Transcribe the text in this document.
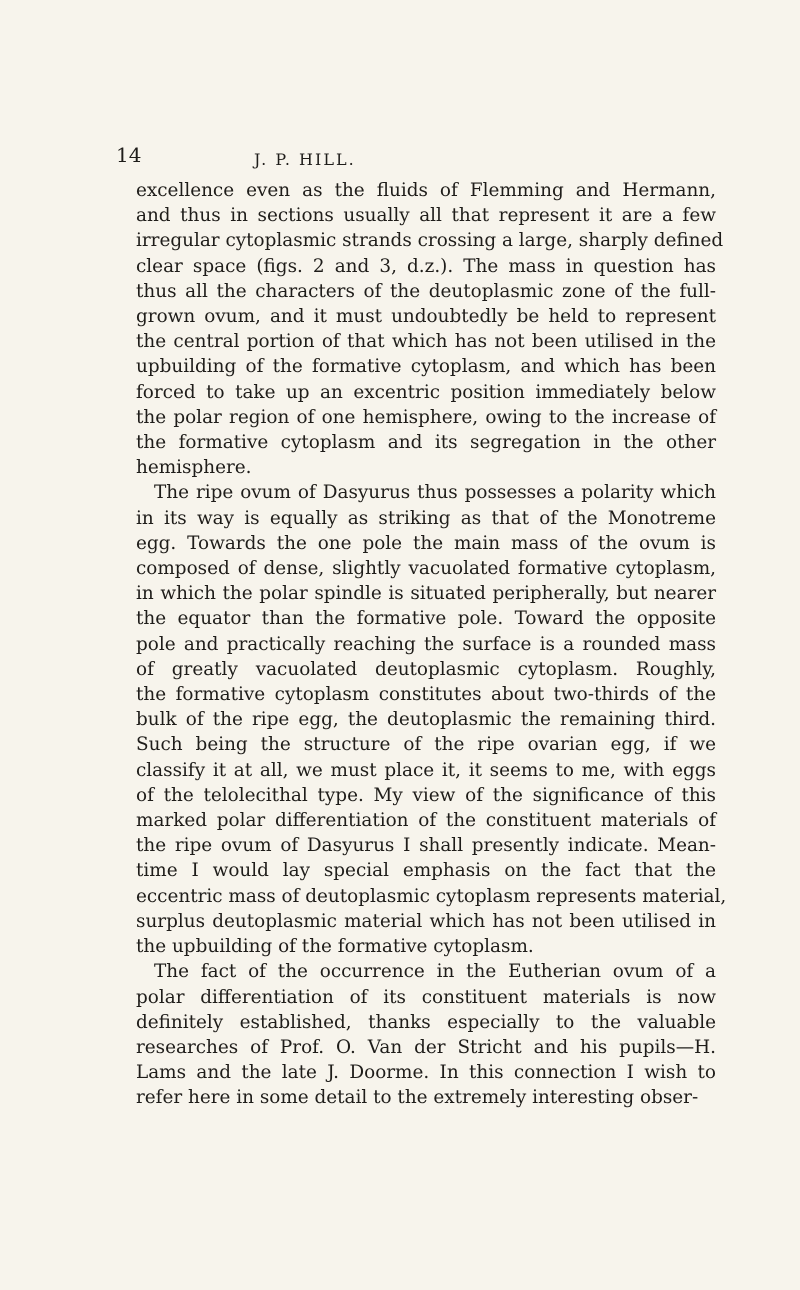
14	J. P. HILL.

excellence even as the fluids of Flemming and Hermann,
and thus in sections usually all that represent it are a few
irregular cytoplasmic strands crossing a large, sharply defined
clear space (figs. 2 and 3, d.z.). The mass in question has
thus all the characters of the deutoplasmic zone of the full-
grown ovum, and it must undoubtedly be held to represent
the central portion of that which has not been utilised in the
upbuilding of the formative cytoplasm, and which has been
forced to take up an excentric position immediately below
the polar region of one hemisphere, owing to the increase of
the formative cytoplasm and its segregation in the other
hemisphere.
The ripe ovum of Dasyurus thus possesses a polarity which
in its way is equally as striking as that of the Monotreme
egg. Towards the one pole the main mass of the ovum is
composed of dense, slightly vacuolated formative cytoplasm,
in which the polar spindle is situated peripherally, but nearer
the equator than the formative pole. Toward the opposite
pole and practically reaching the surface is a rounded mass
of greatly vacuolated deutoplasmic cytoplasm. Roughly,
the formative cytoplasm constitutes about two-thirds of the
bulk of the ripe egg, the deutoplasmic the remaining third.
Such being the structure of the ripe ovarian egg, if we
classify it at all, we must place it, it seems to me, with eggs
of the telolecithal type. My view of the significance of this
marked polar differentiation of the constituent materials of
the ripe ovum of Dasyurus I shall presently indicate. Mean-
time I would lay special emphasis on the fact that the
eccentric mass of deutoplasmic cytoplasm represents material,
surplus deutoplasmic material which has not been utilised in
the upbuilding of the formative cytoplasm.
The fact of the occurrence in the Eutherian ovum of a
polar differentiation of its constituent materials is now
definitely established, thanks especially to the valuable
researches of Prof. O. Van der Stricht and his pupils—H.
Lams and the late J. Doorme. In this connection I wish to
refer here in some detail to the extremely interesting obser-
